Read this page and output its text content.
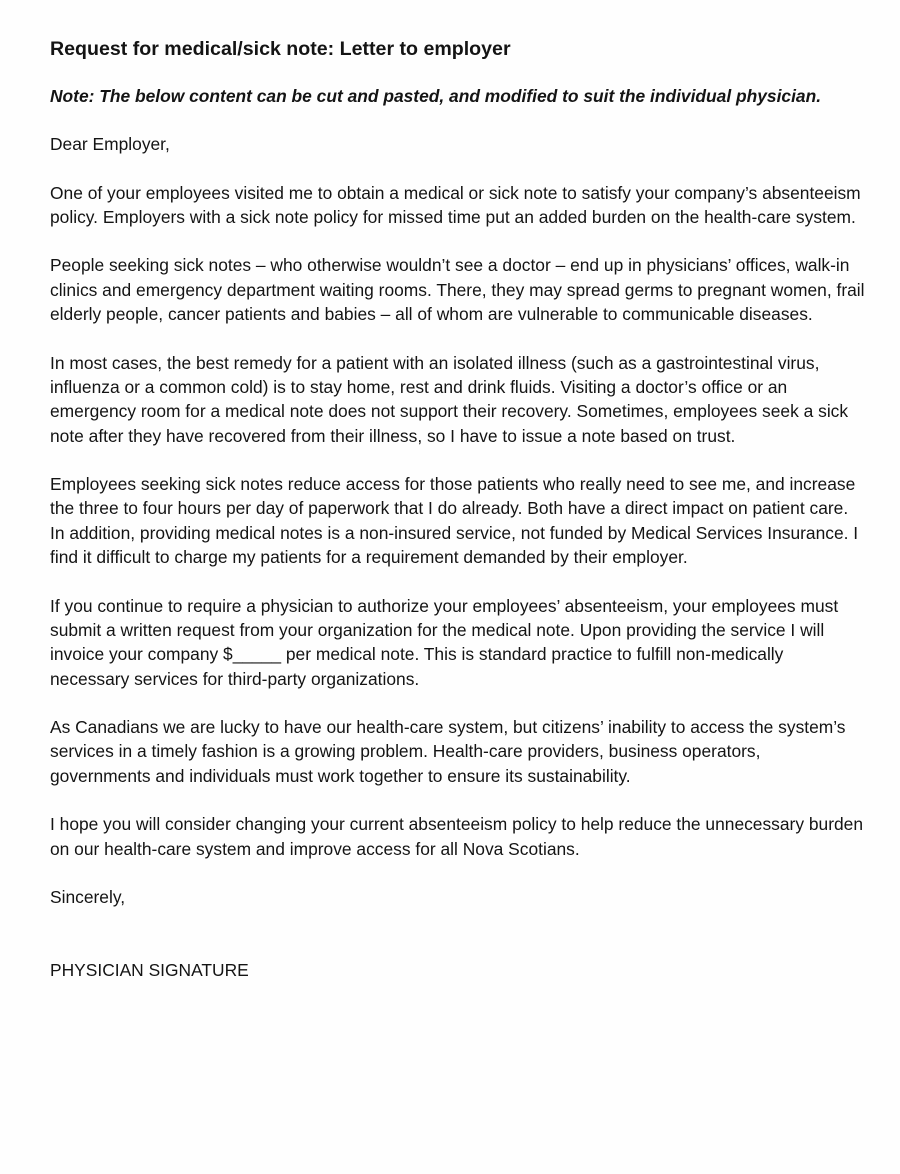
Request for medical/sick note: Letter to employer
Note: The below content can be cut and pasted, and modified to suit the individual physician.
Dear Employer,
One of your employees visited me to obtain a medical or sick note to satisfy your company’s absenteeism policy. Employers with a sick note policy for missed time put an added burden on the health-care system.
People seeking sick notes – who otherwise wouldn’t see a doctor – end up in physicians’ offices, walk-in clinics and emergency department waiting rooms. There, they may spread germs to pregnant women, frail elderly people, cancer patients and babies – all of whom are vulnerable to communicable diseases.
In most cases, the best remedy for a patient with an isolated illness (such as a gastrointestinal virus, influenza or a common cold) is to stay home, rest and drink fluids. Visiting a doctor’s office or an emergency room for a medical note does not support their recovery. Sometimes, employees seek a sick note after they have recovered from their illness, so I have to issue a note based on trust.
Employees seeking sick notes reduce access for those patients who really need to see me, and increase the three to four hours per day of paperwork that I do already. Both have a direct impact on patient care. In addition, providing medical notes is a non-insured service, not funded by Medical Services Insurance. I find it difficult to charge my patients for a requirement demanded by their employer.
If you continue to require a physician to authorize your employees’ absenteeism, your employees must submit a written request from your organization for the medical note. Upon providing the service I will invoice your company $_____ per medical note. This is standard practice to fulfill non-medically necessary services for third-party organizations.
As Canadians we are lucky to have our health-care system, but citizens’ inability to access the system’s services in a timely fashion is a growing problem. Health-care providers, business operators, governments and individuals must work together to ensure its sustainability.
I hope you will consider changing your current absenteeism policy to help reduce the unnecessary burden on our health-care system and improve access for all Nova Scotians.
Sincerely,
PHYSICIAN SIGNATURE
